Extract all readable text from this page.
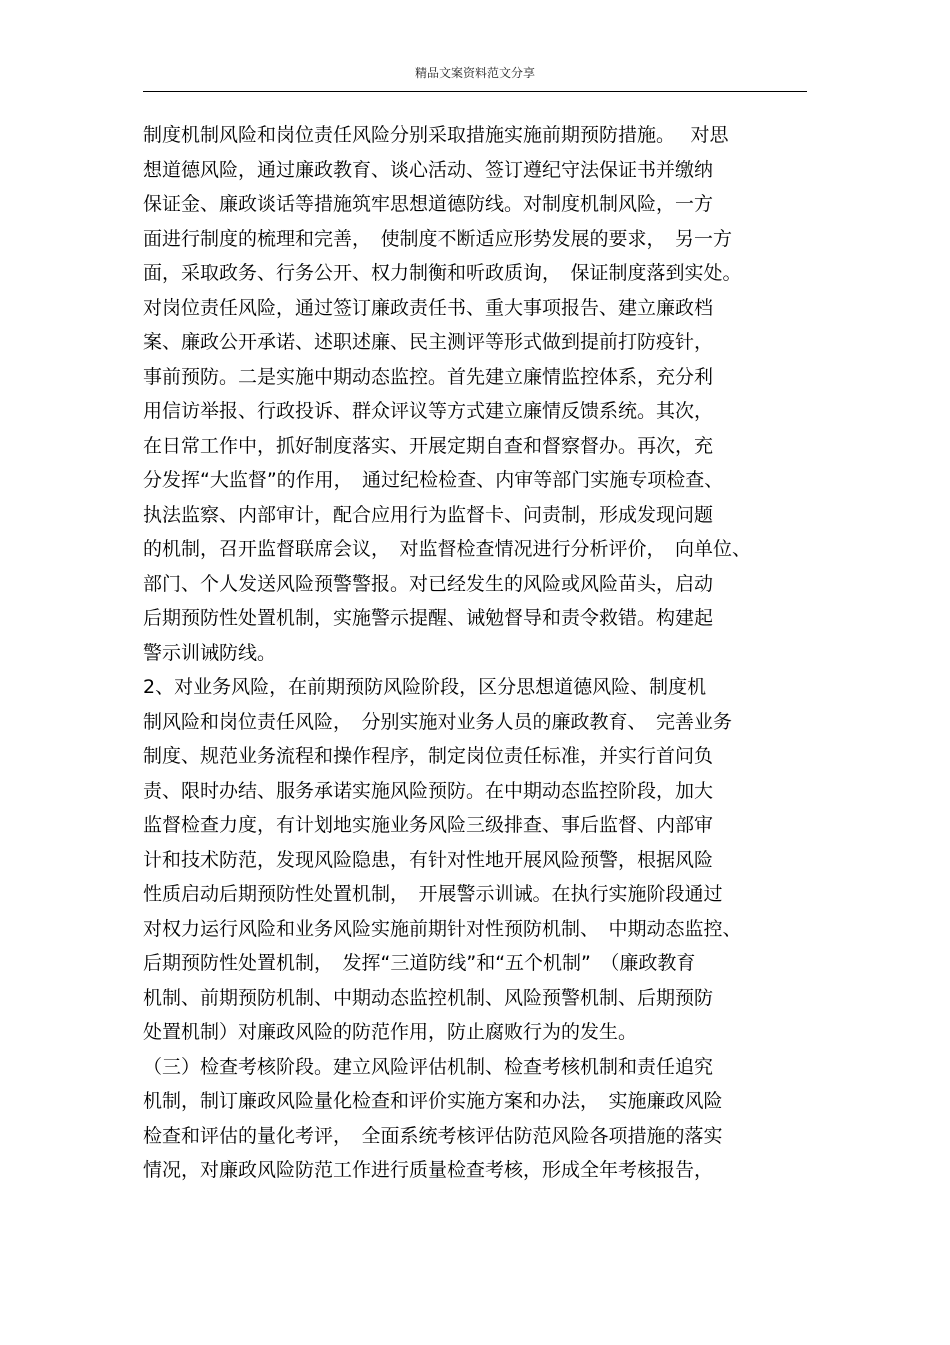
精品文案资料范文分享
制度机制风险和岗位责任风险分别采取措施实施前期预防措施。　 对思
想道德风险，通过廉政教育、谈心活动、签订遵纪守法保证书并缴纳
保证金、廉政谈话等措施筑牢思想道德防线。对制度机制风险，一方
面进行制度的梳理和完善，　使制度不断适应形势发展的要求，　另一方
面，采取政务、行务公开、权力制衡和听政质询，　保证制度落到实处。
对岗位责任风险，通过签订廉政责任书、重大事项报告、建立廉政档
案、廉政公开承诺、述职述廉、民主测评等形式做到提前打防疫针，
事前预防。二是实施中期动态监控。首先建立廉情监控体系，充分利
用信访举报、行政投诉、群众评议等方式建立廉情反馈系统。其次，
在日常工作中，抓好制度落实、开展定期自查和督察督办。再次，充
分发挥“大监督”的作用，　通过纪检检查、内审等部门实施专项检查、
执法监察、内部审计，配合应用行为监督卡、问责制，形成发现问题
的机制，召开监督联席会议，　对监督检查情况进行分析评价，　向单位、
部门、个人发送风险预警警报。对已经发生的风险或风险苗头，启动
后期预防性处置机制，实施警示提醒、诫勉督导和责令救错。构建起
警示训诫防线。
2、对业务风险，在前期预防风险阶段，区分思想道德风险、制度机
制风险和岗位责任风险，　分别实施对业务人员的廉政教育、　完善业务
制度、规范业务流程和操作程序，制定岗位责任标准，并实行首问负
责、限时办结、服务承诺实施风险预防。在中期动态监控阶段，加大
监督检查力度，有计划地实施业务风险三级排查、事后监督、内部审
计和技术防范，发现风险隐患，有针对性地开展风险预警，根据风险
性质启动后期预防性处置机制，　开展警示训诫。在执行实施阶段通过
对权力运行风险和业务风险实施前期针对性预防机制、　中期动态监控、
后期预防性处置机制，　发挥“三道防线”和“五个机制”　（廉政教育
机制、前期预防机制、中期动态监控机制、风险预警机制、后期预防
处置机制）对廉政风险的防范作用，防止腐败行为的发生。
（三）检查考核阶段。建立风险评估机制、检查考核机制和责任追究
机制，制订廉政风险量化检查和评价实施方案和办法，　实施廉政风险
检查和评估的量化考评，　全面系统考核评估防范风险各项措施的落实
情况，对廉政风险防范工作进行质量检查考核，形成全年考核报告，
